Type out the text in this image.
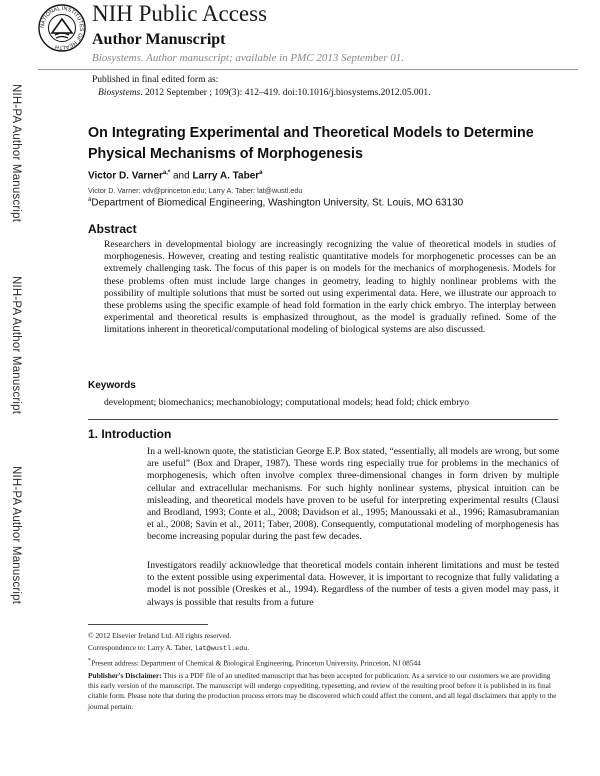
NIH-PA Author Manuscript
NIH-PA Author Manuscript
NIH-PA Author Manuscript
NATIONAL INSTITUTES OF HEALTH
NIH Public Access
Author Manuscript
Biosystems. Author manuscript; available in PMC 2013 September 01.
Published in final edited form as:
Biosystems. 2012 September ; 109(3): 412–419. doi:10.1016/j.biosystems.2012.05.001.
On Integrating Experimental and Theoretical Models to Determine Physical Mechanisms of Morphogenesis
Victor D. Varner$^{a,*}$ and Larry A. Taber$^a$
Victor D. Varner: vdv@princeton.edu; Larry A. Taber: lat@wustl.edu
$^a$Department of Biomedical Engineering, Washington University, St. Louis, MO 63130
Abstract
Researchers in developmental biology are increasingly recognizing the value of theoretical models in studies of morphogenesis. However, creating and testing realistic quantitative models for morphogenetic processes can be an extremely challenging task. The focus of this paper is on models for the mechanics of morphogenesis. Models for these problems often must include large changes in geometry, leading to highly nonlinear problems with the possibility of multiple solutions that must be sorted out using experimental data. Here, we illustrate our approach to these problems using the specific example of head fold formation in the early chick embryo. The interplay between experimental and theoretical results is emphasized throughout, as the model is gradually refined. Some of the limitations inherent in theoretical/computational modeling of biological systems are also discussed.
Keywords
development; biomechanics; mechanobiology; computational models; head fold; chick embryo
1. Introduction
In a well-known quote, the statistician George E.P. Box stated, “essentially, all models are wrong, but some are useful” (Box and Draper, 1987). These words ring especially true for problems in the mechanics of morphogenesis, which often involve complex three-dimensional changes in form driven by multiple cellular and extracellular mechanisms. For such highly nonlinear systems, physical intuition can be misleading, and theoretical models have proven to be useful for interpreting experimental results (Clausi and Brodland, 1993; Conte et al., 2008; Davidson et al., 1995; Manoussaki et al., 1996; Ramasubramanian et al., 2008; Savin et al., 2011; Taber, 2008). Consequently, computational modeling of morphogenesis has become increasing popular during the past few decades.
Investigators readily acknowledge that theoretical models contain inherent limitations and must be tested to the extent possible using experimental data. However, it is important to recognize that fully validating a model is not possible (Oreskes et al., 1994). Regardless of the number of tests a given model may pass, it always is possible that results from a future
© 2012 Elsevier Ireland Ltd. All rights reserved.
Correspondence to: Larry A. Taber, lat@wustl.edu.
*Present address: Department of Chemical & Biological Engineering, Princeton University, Princeton, NJ 08544
Publisher's Disclaimer: This is a PDF file of an unedited manuscript that has been accepted for publication. As a service to our customers we are providing this early version of the manuscript. The manuscript will undergo copyediting, typesetting, and review of the resulting proof before it is published in its final citable form. Please note that during the production process errors may be discovered which could affect the content, and all legal disclaimers that apply to the journal pertain.
